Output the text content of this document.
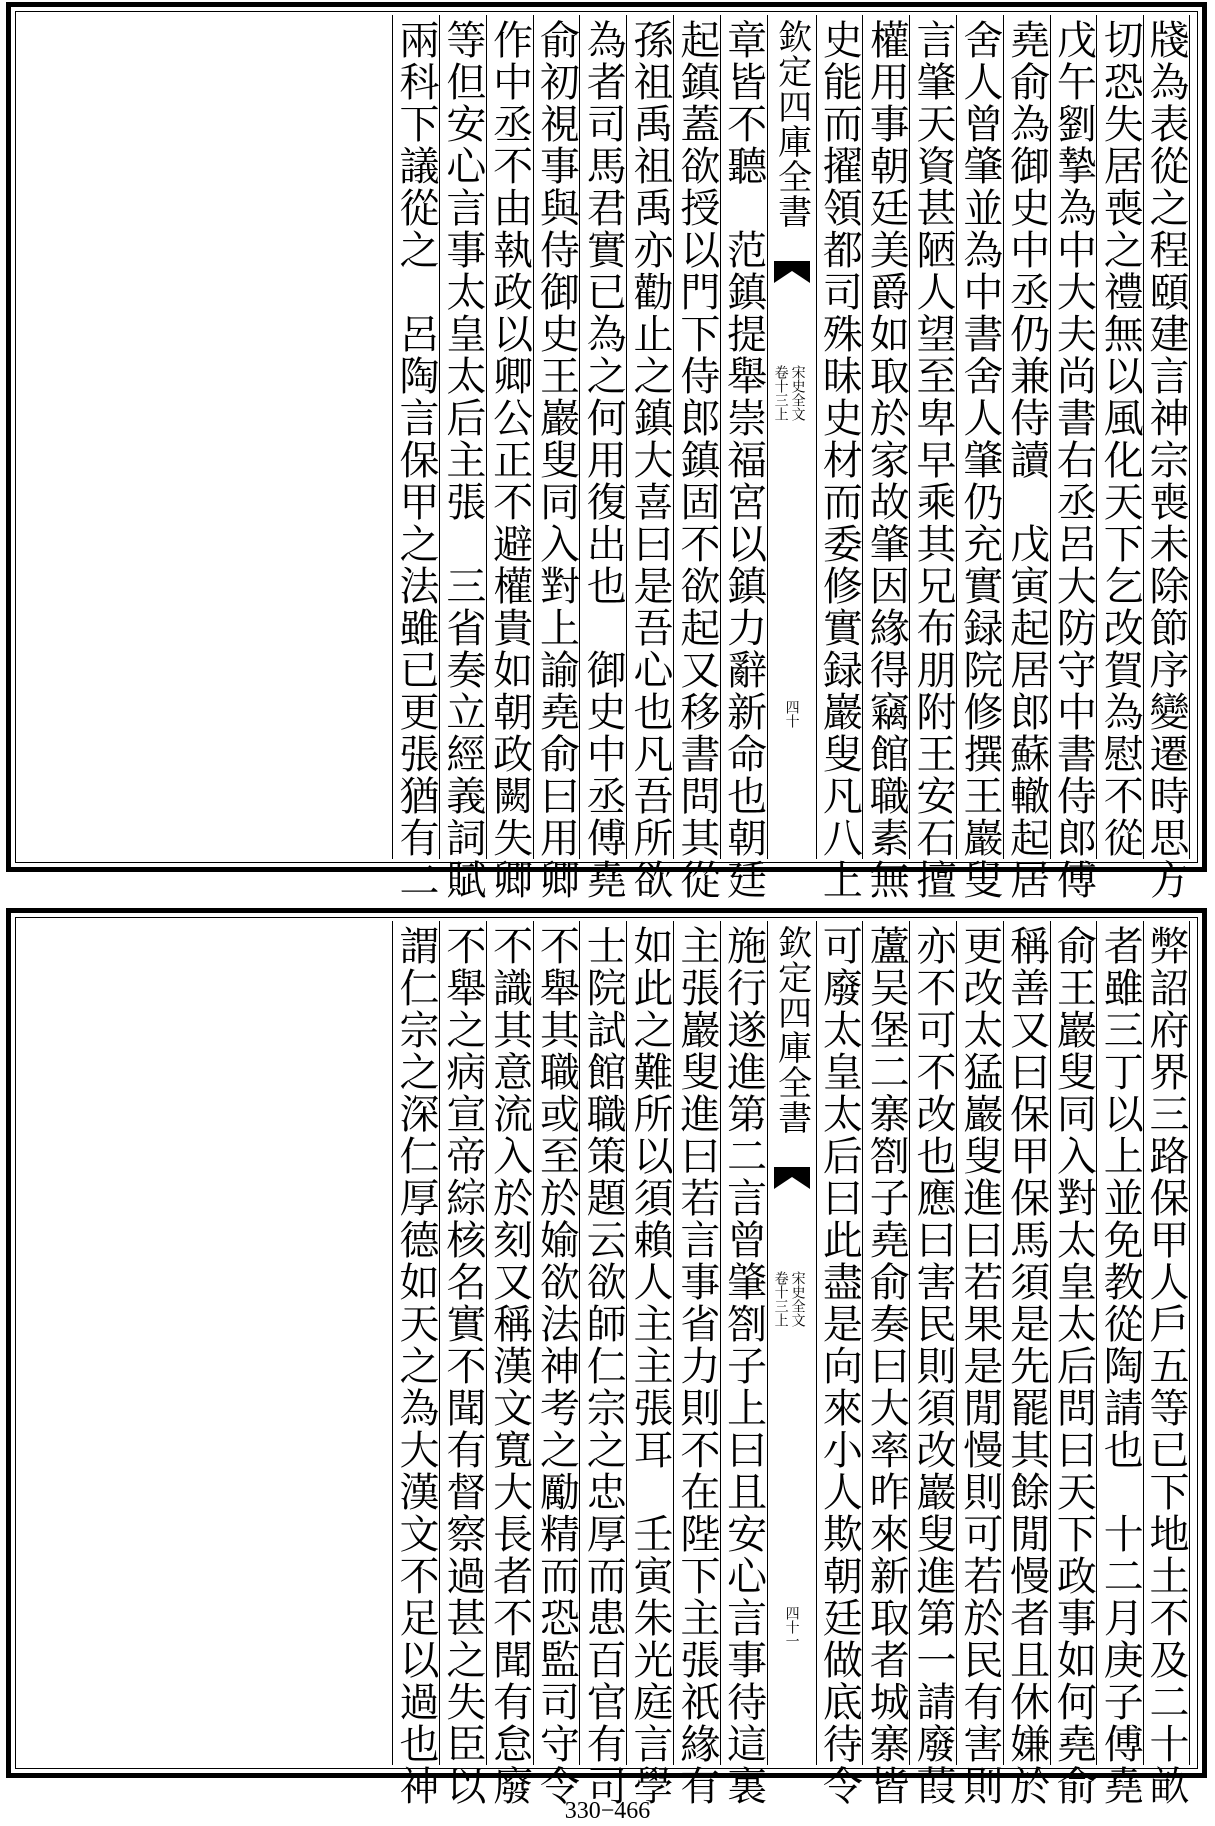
牋為表從之程頤建言神宗喪未除節序變遷時思方
切恐失居喪之禮無以風化天下乞改賀為慰不從
戊午劉摯為中大夫尚書右丞呂大防守中書侍郎傅
堯俞為御史中丞仍兼侍讀　戊寅起居郎蘇轍起居
舍人曾肇並為中書舍人肇仍充實録院修撰王巖叟
言肇天資甚陋人望至卑早乘其兄布朋附王安石擅
權用事朝廷美爵如取於家故肇因緣得竊館職素無
史能而擢領都司殊昧史材而委修實録巖叟凡八上
欽定四庫全書
宋史全文
卷十三上
四十
章皆不聽　范鎮提舉崇福宮以鎮力辭新命也朝廷
起鎮蓋欲授以門下侍郎鎮固不欲起又移書問其從
孫祖禹祖禹亦勸止之鎮大喜曰是吾心也凡吾所欲
為者司馬君實已為之何用復出也　御史中丞傅堯
俞初視事與侍御史王巖叟同入對上諭堯俞曰用卿
作中丞不由執政以卿公正不避權貴如朝政闕失卿
等但安心言事太皇太后主張　三省奏立經義詞賦
兩科下議從之　呂陶言保甲之法雖已更張猶有二
弊詔府界三路保甲人戶五等已下地土不及二十畝
者雖三丁以上並免教從陶請也　十二月庚子傅堯
俞王巖叟同入對太皇太后問曰天下政事如何堯俞
稱善又曰保甲保馬須是先罷其餘閒慢者且休嫌於
更改太猛巖叟進曰若果是閒慢則可若於民有害則
亦不可不改也應曰害民則須改巖叟進第一請廢葭
蘆吴堡二寨劄子堯俞奏曰大率昨來新取者城寨皆
可廢太皇太后曰此盡是向來小人欺朝廷做底待令
欽定四庫全書
宋史全文
卷十三上
四十一
施行遂進第二言曾肇劄子上曰且安心言事待這裏
主張巖叟進曰若言事省力則不在陛下主張祇緣有
如此之難所以須賴人主主張耳　壬寅朱光庭言學
士院試館職策題云欲師仁宗之忠厚而患百官有司
不舉其職或至於媮欲法神考之勵精而恐監司守令
不識其意流入於刻又稱漢文寬大長者不聞有怠廢
不舉之病宣帝綜核名實不聞有督察過甚之失臣以
謂仁宗之深仁厚德如天之為大漢文不足以過也神
330−466
